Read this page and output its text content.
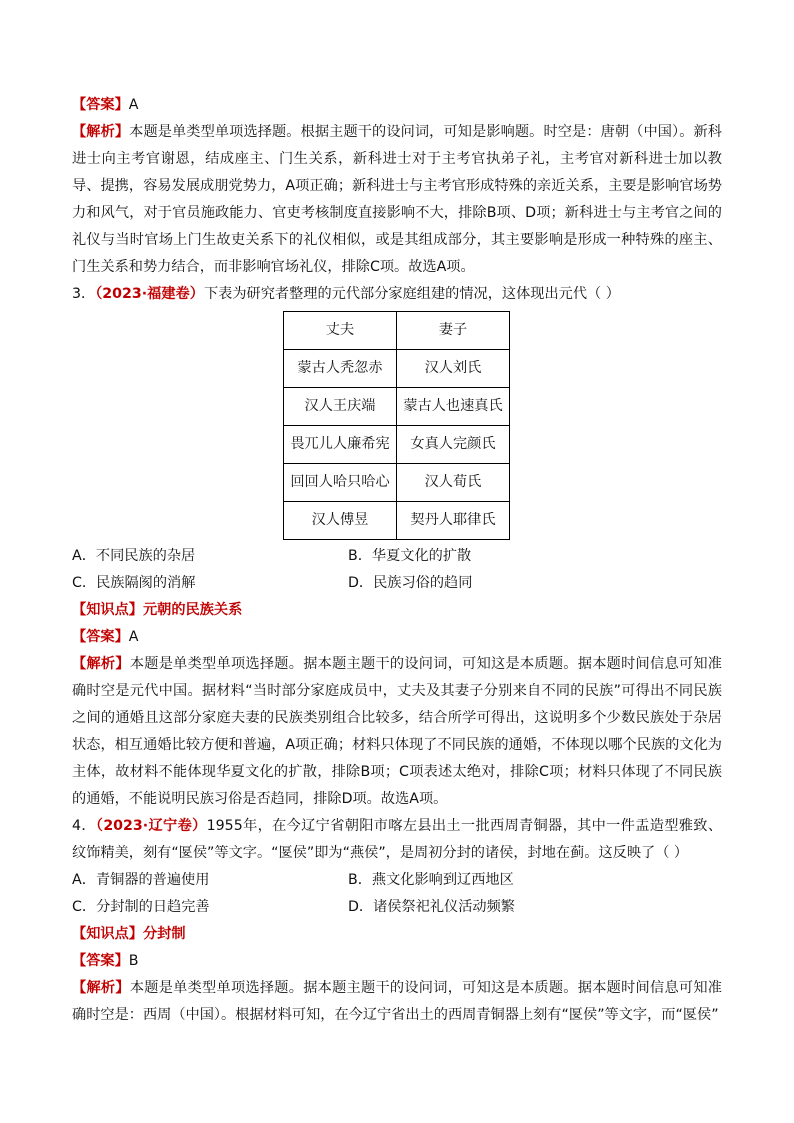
【答案】A

【解析】本题是单类型单项选择题。根据主题干的设问词，可知是影响题。时空是：唐朝（中国）。新科进士向主考官谢恩，结成座主、门生关系，新科进士对于主考官执弟子礼，主考官对新科进士加以教导、提携，容易发展成朋党势力，A项正确；新科进士与主考官形成特殊的亲近关系，主要是影响官场势力和风气，对于官员施政能力、官吏考核制度直接影响不大，排除B项、D项；新科进士与主考官之间的礼仪与当时官场上门生故吏关系下的礼仪相似，或是其组成部分，其主要影响是形成一种特殊的座主、门生关系和势力结合，而非影响官场礼仪，排除C项。故选A项。

3．（2023·福建卷）下表为研究者整理的元代部分家庭组建的情况，这体现出元代（ ）

丈夫	妻子
蒙古人秃忽赤	汉人刘氏
汉人王庆端	蒙古人也速真氏
畏兀儿人廉希宪	女真人完颜氏
回回人哈只哈心	汉人荀氏
汉人傅昱	契丹人耶律氏
A．不同民族的杂居	B．华夏文化的扩散
C．民族隔阂的消解	D．民族习俗的趋同

【知识点】元朝的民族关系

【答案】A

【解析】本题是单类型单项选择题。据本题主题干的设问词，可知这是本质题。据本题时间信息可知准确时空是元代中国。据材料“当时部分家庭成员中，丈夫及其妻子分别来自不同的民族”可得出不同民族之间的通婚且这部分家庭夫妻的民族类别组合比较多，结合所学可得出，这说明多个少数民族处于杂居状态，相互通婚比较方便和普遍，A项正确；材料只体现了不同民族的通婚，不体现以哪个民族的文化为主体，故材料不能体现华夏文化的扩散，排除B项；C项表述太绝对，排除C项；材料只体现了不同民族的通婚，不能说明民族习俗是否趋同，排除D项。故选A项。

4．（2023·辽宁卷）1955年，在今辽宁省朝阳市喀左县出土一批西周青铜器，其中一件盂造型雅致、纹饰精美，刻有“匽侯”等文字。“匽侯”即为“燕侯”，是周初分封的诸侯，封地在蓟。这反映了（ ）

A．青铜器的普遍使用	B．燕文化影响到辽西地区
C．分封制的日趋完善	D．诸侯祭祀礼仪活动频繁

【知识点】分封制

【答案】B

【解析】本题是单类型单项选择题。据本题主题干的设问词，可知这是本质题。据本题时间信息可知准确时空是：西周（中国）。根据材料可知，在今辽宁省出土的西周青铜器上刻有“匽侯”等文字，而“匽侯”
